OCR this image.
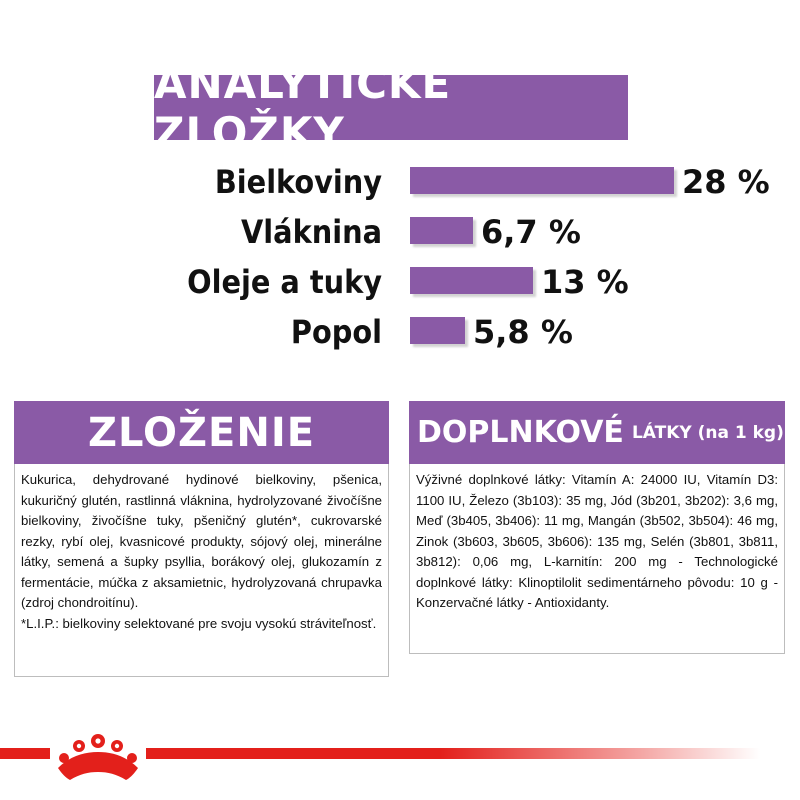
ANALYTICKÉ ZLOŽKY
Bielkoviny	28 %
Vláknina	6,7 %
Oleje a tuky	13 %
Popol	5,8 %
ZLOŽENIE

Kukurica, dehydrované hydinové bielkoviny, pšenica, kukuričný glutén, rastlinná vláknina, hydrolyzované živočíšne bielkoviny, živočíšne tuky, pšeničný glutén*, cukrovarské rezky, rybí olej, kvasnicové produkty, sójový olej, minerálne látky, semená a šupky psyllia, borákový olej, glukozamín z fermentácie, múčka z aksamietnic, hydrolyzovaná chrupavka (zdroj chondroitínu).

*L.I.P.: bielkoviny selektované pre svoju vysokú stráviteľnosť.

DOPLNKOVÉ LÁTKY (na 1 kg)

Výživné doplnkové látky: Vitamín A: 24000 IU, Vitamín D3: 1100 IU, Železo (3b103): 35 mg, Jód (3b201, 3b202): 3,6 mg, Meď (3b405, 3b406): 11 mg, Mangán (3b502, 3b504): 46 mg, Zinok (3b603, 3b605, 3b606): 135 mg, Selén (3b801, 3b811, 3b812): 0,06 mg, L-karnitín: 200 mg - Technologické doplnkové látky: Klinoptilolit sedimentárneho pôvodu: 10 g - Konzervačné látky - Antioxidanty.
